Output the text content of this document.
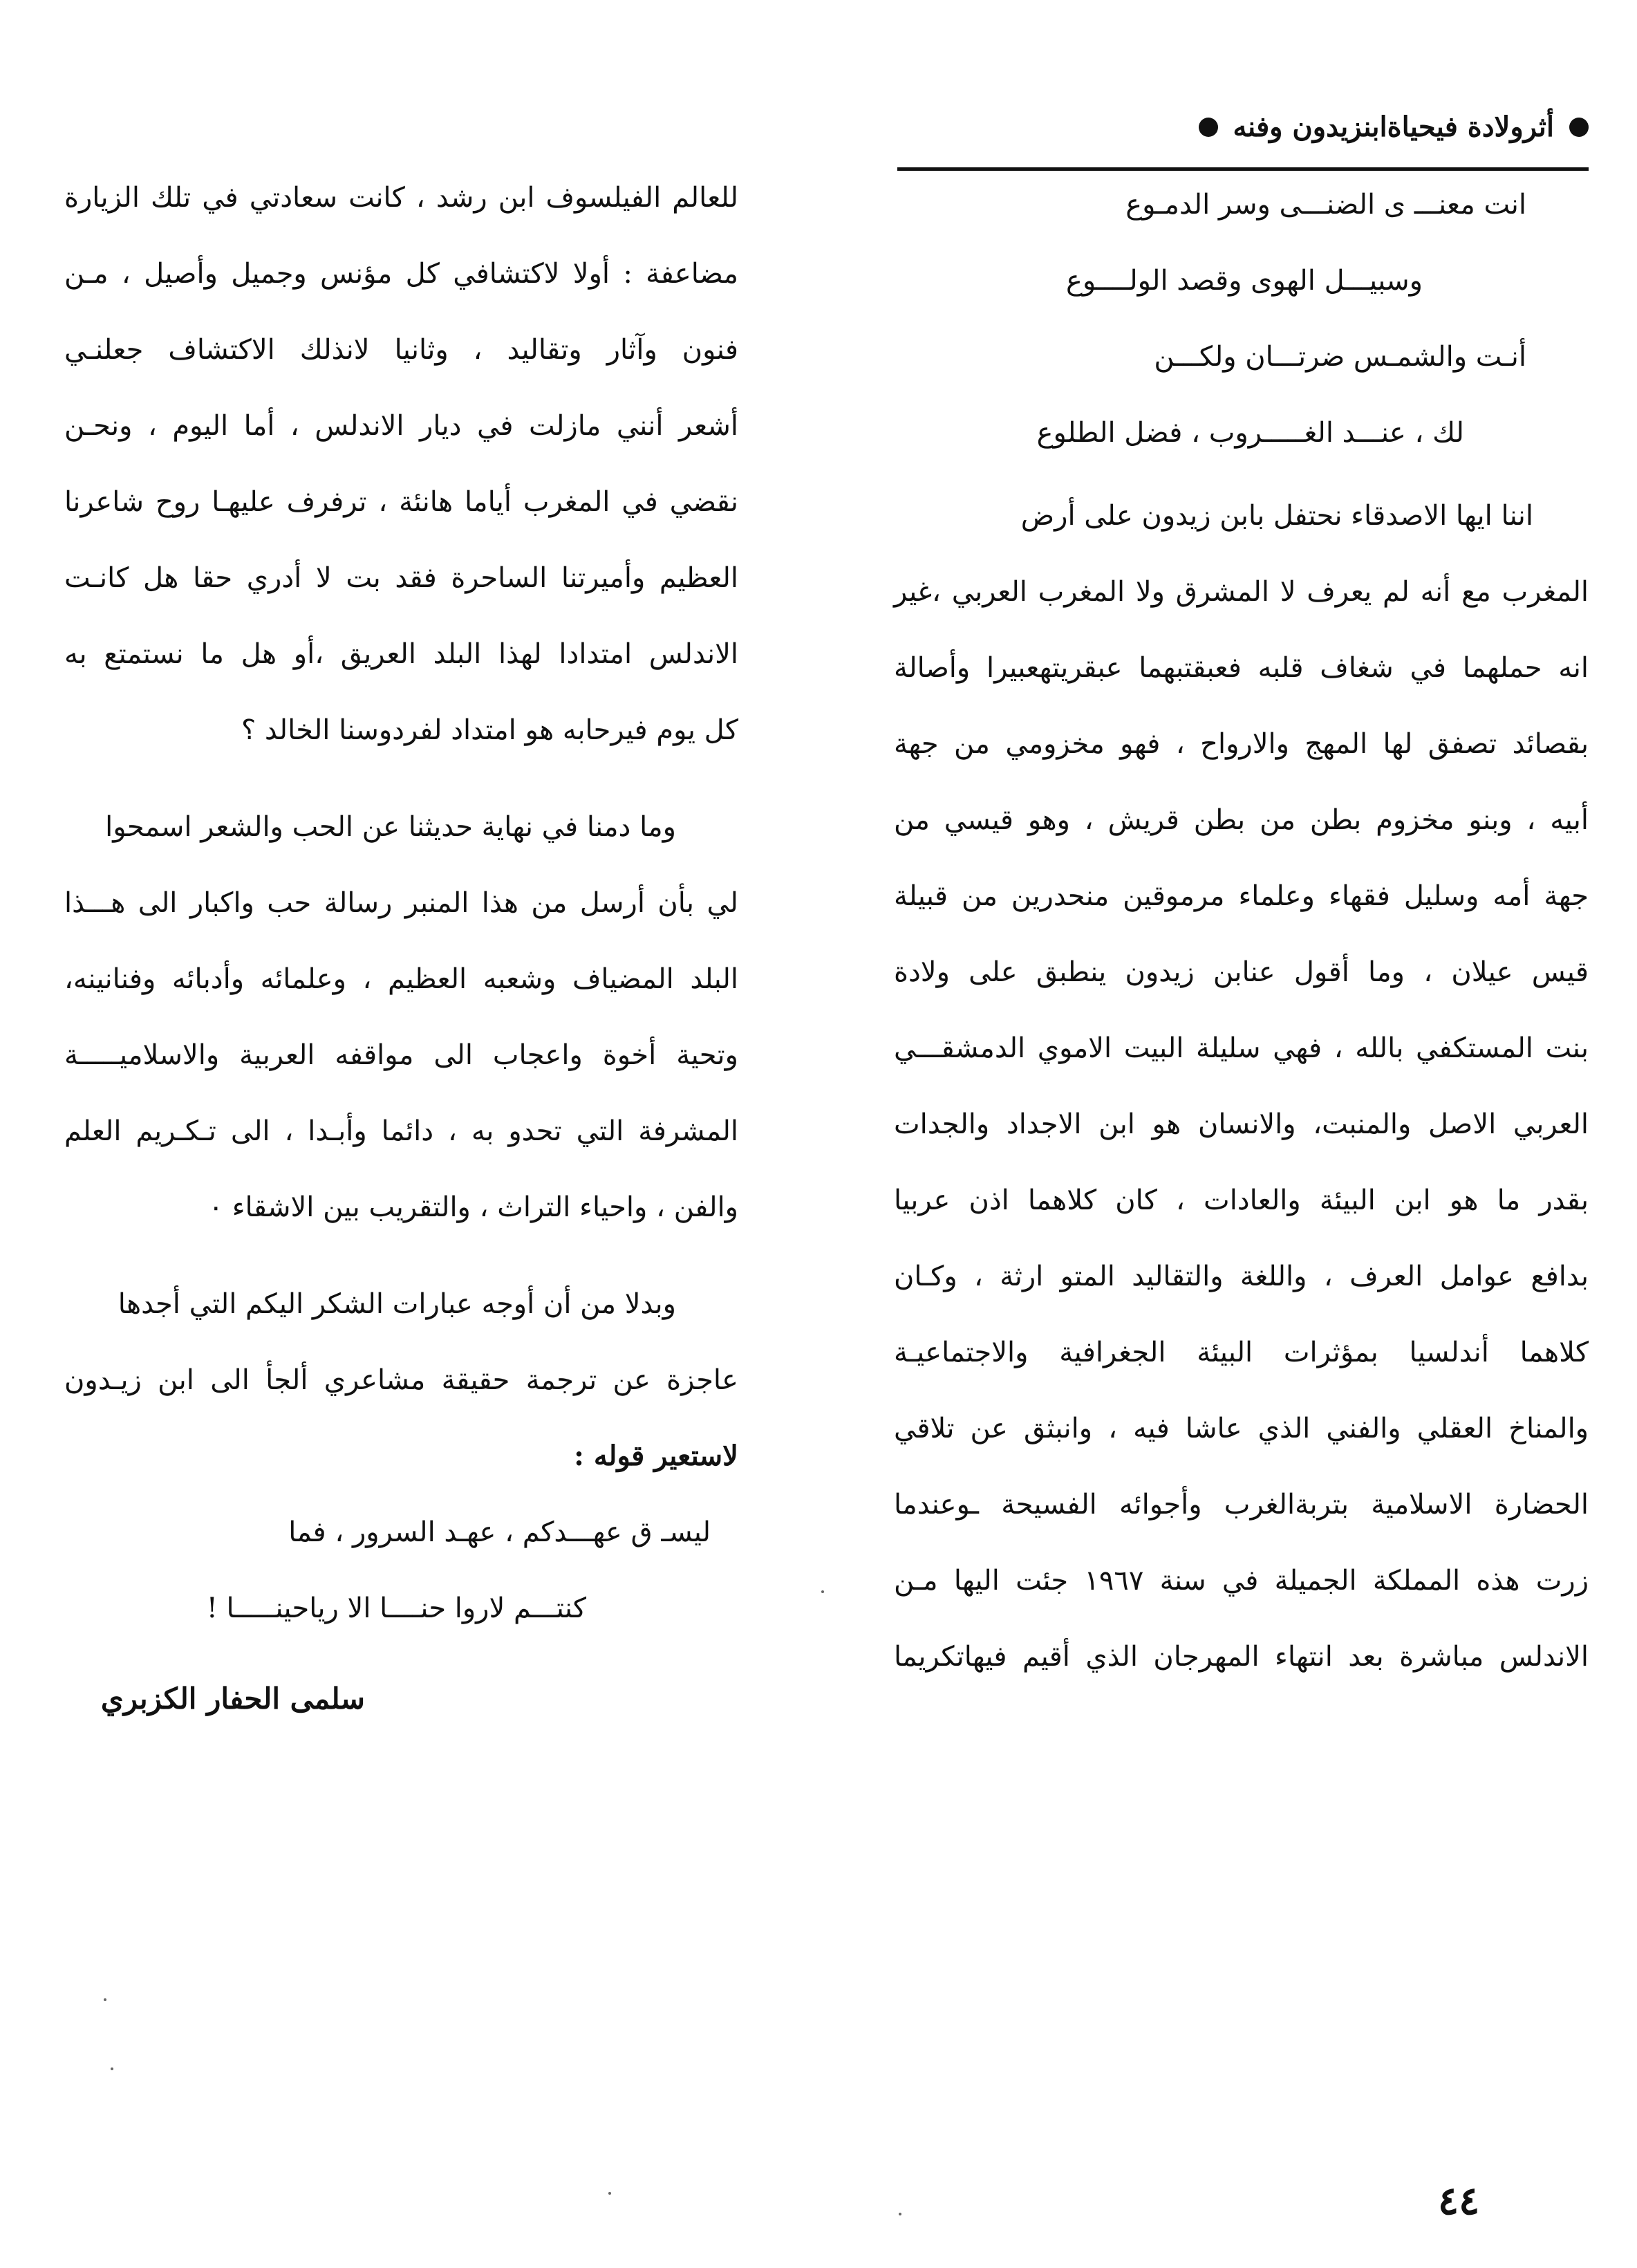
أثرولادة فيحياةابنزيدون وفنه
انت معنـــ ى الضنـــى وسر الدمـوع
وسبيـــل الهوى وقصد الولــــوع
أنـت والشمـس ضرتـــان ولكـــن
لك ، عنـــد الغـــــروب ، فضل الطلوع
اننا ايها الاصدقاء نحتفل بابن زيدون على أرض
المغرب مع أنه لم يعرف لا المشرق ولا المغرب العربي ،غير
انه حملهما في شغاف قلبه فعبقتبهما عبقريتهعبيرا وأصالة
بقصائد تصفق لها المهج والارواح ، فهو مخزومي من جهة
أبيه ، وبنو مخزوم بطن من بطن قريش ، وهو قيسي من
جهة أمه وسليل فقهاء وعلماء مرموقين منحدرين من قبيلة
قيس عيلان ، وما أقول عنابن زيدون ينطبق على ولادة
بنت المستكفي بالله ، فهي سليلة البيت الاموي الدمشقـــي
العربي الاصل والمنبت، والانسان هو ابن الاجداد والجدات
بقدر ما هو ابن البيئة والعادات ، كان كلاهما اذن عربيا
بدافع عوامل العرف ، واللغة والتقاليد المتو ارثة ، وكـان
كلاهما أندلسيا بمؤثرات البيئة الجغرافية والاجتماعيـة
والمناخ العقلي والفني الذي عاشا فيه ، وانبثق عن تلاقي
الحضارة الاسلامية بتربةالغرب وأجوائه الفسيحة ـوعندما
زرت هذه المملكة الجميلة في سنة ١٩٦٧ جئت اليها مـن
الاندلس مباشرة بعد انتهاء المهرجان الذي أقيم فيهاتكريما
للعالم الفيلسوف ابن رشد ، كانت سعادتي في تلك الزيارة
مضاعفة : أولا لاكتشافي كل مؤنس وجميل وأصيل ، مـن
فنون وآثار وتقاليد ، وثانيا لانذلك الاكتشاف جعلنـي
أشعر أنني مازلت في ديار الاندلس ، أما اليوم ، ونحـن
نقضي في المغرب أياما هانئة ، ترفرف عليهـا روح شاعرنا
العظيم وأميرتنا الساحرة فقد بت لا أدري حقا هل كانـت
الاندلس امتدادا لهذا البلد العريق ،أو هل ما نستمتع به
كل يوم فيرحابه هو امتداد لفردوسنا الخالد ؟
وما دمنا في نهاية حديثنا عن الحب والشعر اسمحوا
لي بأن أرسل من هذا المنبر رسالة حب واكبار الى هـــذا
البلد المضياف وشعبه العظيم ، وعلمائه وأدبائه وفنانينه،
وتحية أخوة واعجاب الى مواقفه العربية والاسلاميـــــة
المشرفة التي تحدو به ، دائما وأبـدا ، الى تـكـريم العلم
والفن ، واحياء التراث ، والتقريب بين الاشقاء ٠
وبدلا من أن أوجه عبارات الشكر اليكم التي أجدها
عاجزة عن ترجمة حقيقة مشاعري ألجأ الى ابن زيـدون
لاستعير قوله :
ليسـ ق عهـــدكم ، عهـد السرور ، فما
كنتـــم لاروا حنــــا الا رياحينـــــا !
سلمى الحفار الكزبري
٤٤
